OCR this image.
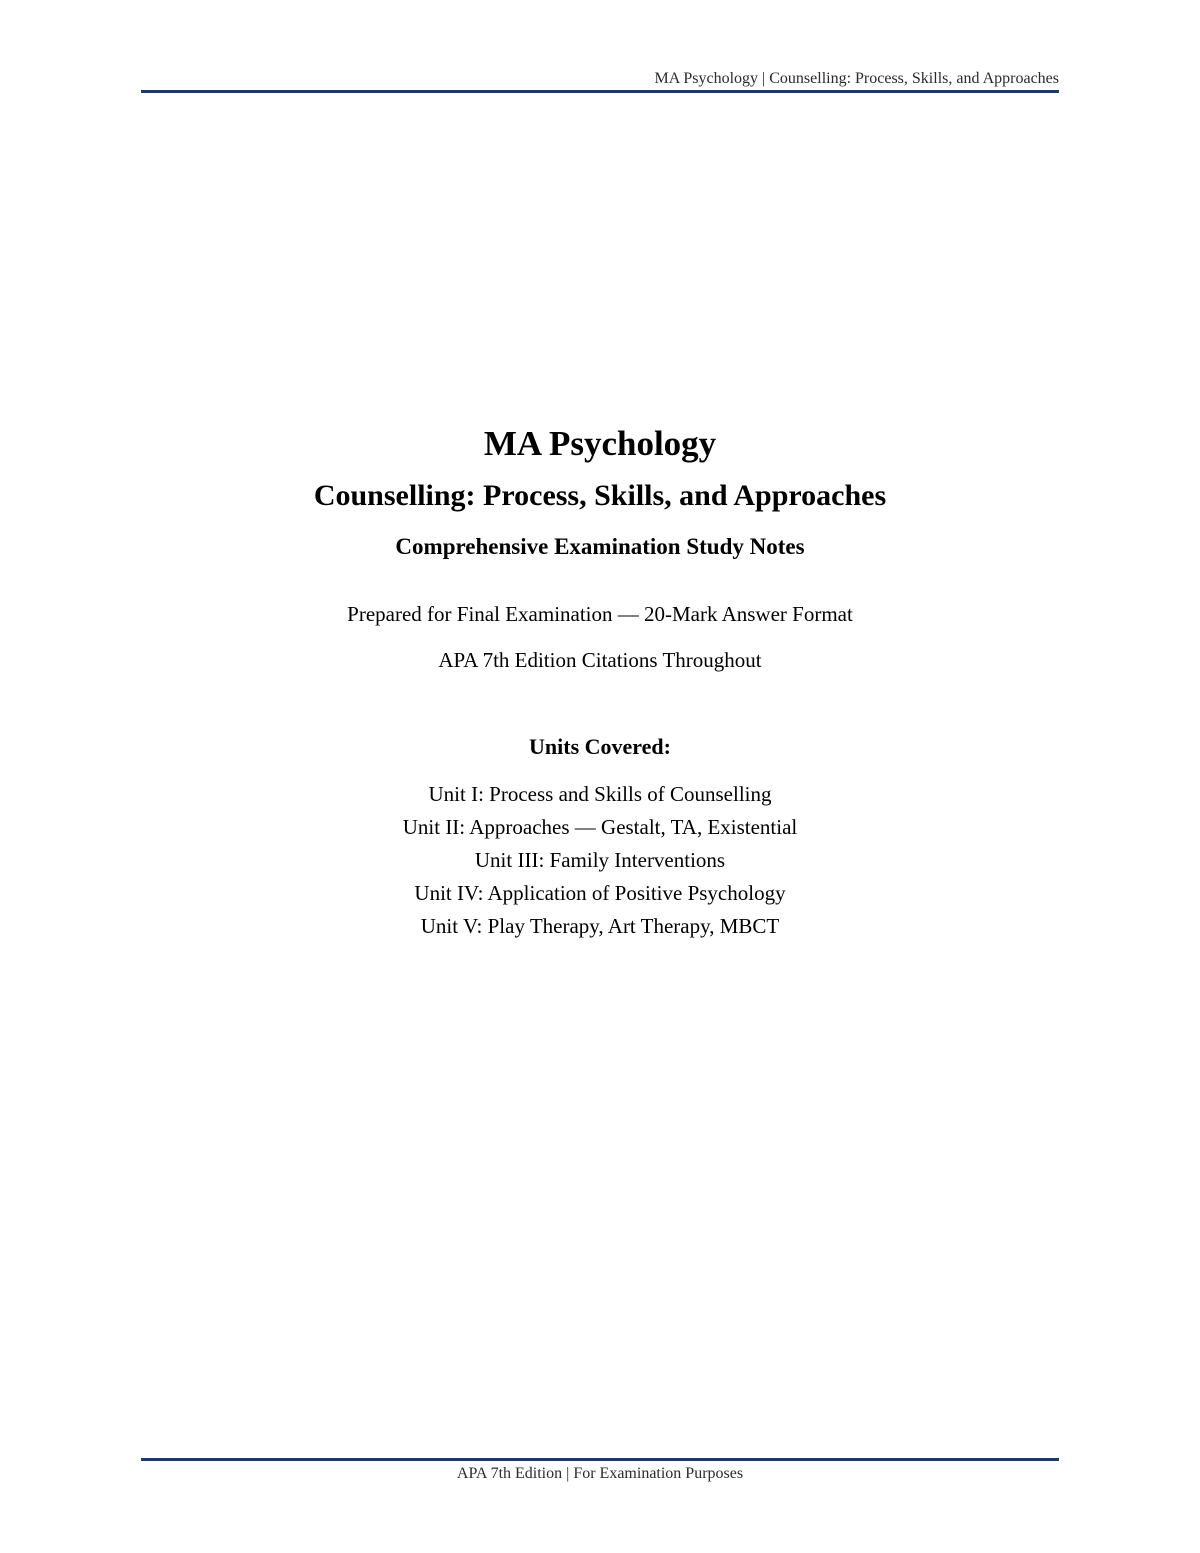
MA Psychology | Counselling: Process, Skills, and Approaches
MA Psychology
Counselling: Process, Skills, and Approaches
Comprehensive Examination Study Notes

Prepared for Final Examination — 20-Mark Answer Format

APA 7th Edition Citations Throughout

Units Covered:

Unit I: Process and Skills of Counselling
Unit II: Approaches — Gestalt, TA, Existential
Unit III: Family Interventions
Unit IV: Application of Positive Psychology
Unit V: Play Therapy, Art Therapy, MBCT
APA 7th Edition | For Examination Purposes
